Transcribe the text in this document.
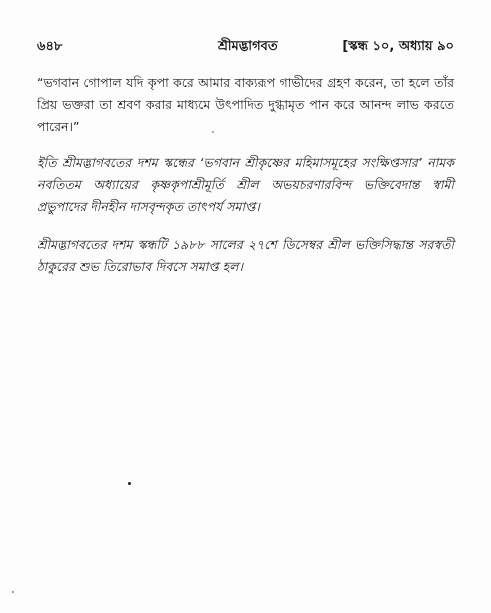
৬৪৮	শ্রীমদ্ভাগবত	[স্কন্ধ ১০, অধ্যায় ৯০

“ভগবান গোপাল যদি কৃপা করে আমার বাক্যরূপ গাভীদের গ্রহণ করেন, তা হলে তাঁর প্রিয় ভক্তরা তা শ্রবণ করার মাধ্যমে উৎপাদিত দুগ্ধামৃত পান করে আনন্দ লাভ করতে পারেন।”

ইতি শ্রীমদ্ভাগবতের দশম স্কন্ধের ‘ভগবান শ্রীকৃষ্ণের মহিমাসমূহের সংক্ষিপ্তসার’ নামক নবতিতম অধ্যায়ের কৃষ্ণকৃপাশ্রীমূর্তি শ্রীল অভয়চরণারবিন্দ ভক্তিবেদান্ত স্বামী প্রভুপাদের দীনহীন দাসবৃন্দকৃত তাৎপর্য সমাপ্ত।

শ্রীমদ্ভাগবতের দশম স্কন্ধটি ১৯৮৮ সালের ২৭শে ডিসেম্বর শ্রীল ভক্তিসিদ্ধান্ত সরস্বতী ঠাকুরের শুভ তিরোভাব দিবসে সমাপ্ত হল।
